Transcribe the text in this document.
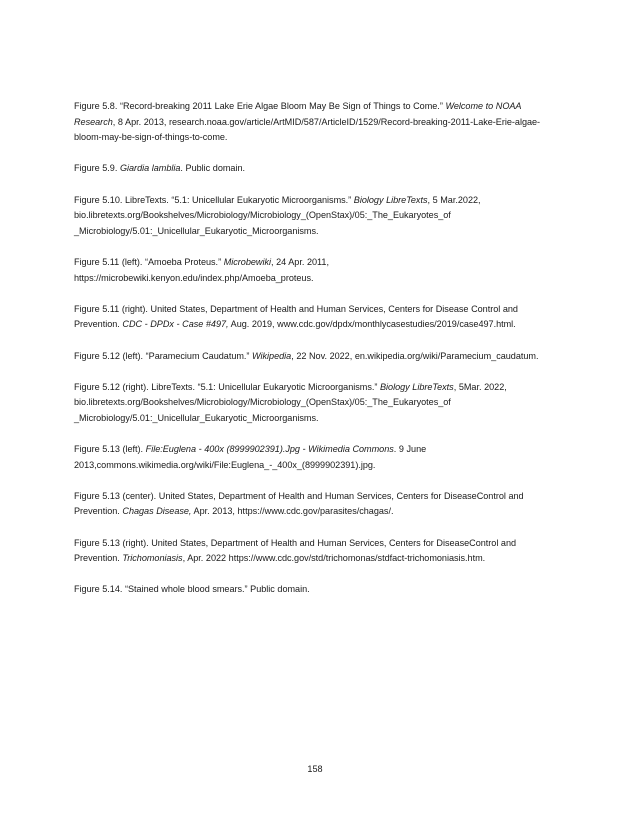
Figure 5.8. “Record-breaking 2011 Lake Erie Algae Bloom May Be Sign of Things to Come.” Welcome to NOAA Research, 8 Apr. 2013, research.noaa.gov/article/ArtMID/587/ArticleID/1529/Record-breaking-2011-Lake-Erie-algae-bloom-may-be-sign-of-things-to-come.

Figure 5.9. Giardia lamblia. Public domain.

Figure 5.10. LibreTexts. “5.1: Unicellular Eukaryotic Microorganisms.” Biology LibreTexts, 5 Mar.2022, bio.libretexts.org/Bookshelves/Microbiology/Microbiology_(OpenStax)/05:_The_Eukaryotes_of _Microbiology/5.01:_Unicellular_Eukaryotic_Microorganisms.

Figure 5.11 (left). “Amoeba Proteus.” Microbewiki, 24 Apr. 2011, https://microbewiki.kenyon.edu/index.php/Amoeba_proteus.

Figure 5.11 (right). United States, Department of Health and Human Services, Centers for Disease Control and Prevention. CDC - DPDx - Case #497, Aug. 2019, www.cdc.gov/dpdx/monthlycasestudies/2019/case497.html.

Figure 5.12 (left). “Paramecium Caudatum.” Wikipedia, 22 Nov. 2022, en.wikipedia.org/wiki/Paramecium_caudatum.

Figure 5.12 (right). LibreTexts. “5.1: Unicellular Eukaryotic Microorganisms.” Biology LibreTexts, 5Mar. 2022, bio.libretexts.org/Bookshelves/Microbiology/Microbiology_(OpenStax)/05:_The_Eukaryotes_of _Microbiology/5.01:_Unicellular_Eukaryotic_Microorganisms.

Figure 5.13 (left). File:Euglena - 400x (8999902391).Jpg - Wikimedia Commons. 9 June 2013,commons.wikimedia.org/wiki/File:Euglena_-_400x_(8999902391).jpg.

Figure 5.13 (center). United States, Department of Health and Human Services, Centers for DiseaseControl and Prevention. Chagas Disease, Apr. 2013, https://www.cdc.gov/parasites/chagas/.

Figure 5.13 (right). United States, Department of Health and Human Services, Centers for DiseaseControl and Prevention. Trichomoniasis, Apr. 2022 https://www.cdc.gov/std/trichomonas/stdfact-trichomoniasis.htm.

Figure 5.14. “Stained whole blood smears.” Public domain.

158
